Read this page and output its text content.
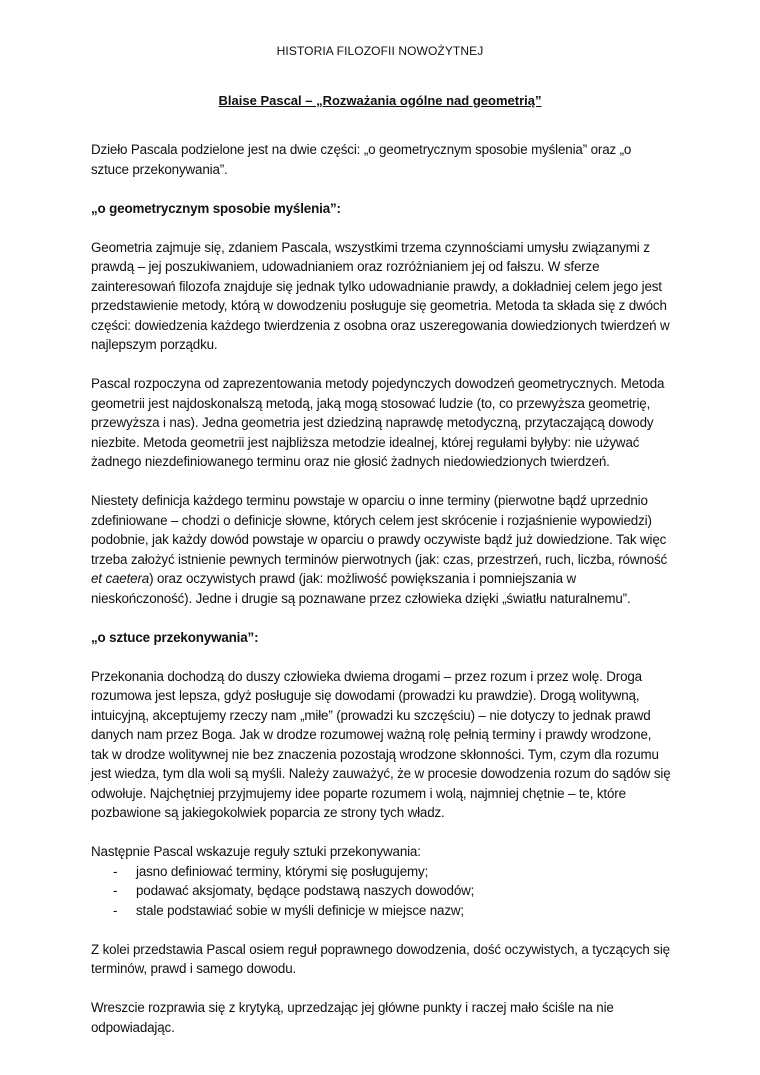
HISTORIA FILOZOFII NOWOŻYTNEJ
Blaise Pascal – „Rozważania ogólne nad geometrią”

Dzieło Pascala podzielone jest na dwie części: „o geometrycznym sposobie myślenia” oraz „o sztuce przekonywania”.

„o geometrycznym sposobie myślenia”:

Geometria zajmuje się, zdaniem Pascala, wszystkimi trzema czynnościami umysłu związanymi z prawdą – jej poszukiwaniem, udowadnianiem oraz rozróżnianiem jej od fałszu. W sferze zainteresowań filozofa znajduje się jednak tylko udowadnianie prawdy, a dokładniej celem jego jest przedstawienie metody, którą w dowodzeniu posługuje się geometria. Metoda ta składa się z dwóch części: dowiedzenia każdego twierdzenia z osobna oraz uszeregowania dowiedzionych twierdzeń w najlepszym porządku.

Pascal rozpoczyna od zaprezentowania metody pojedynczych dowodzeń geometrycznych. Metoda geometrii jest najdoskonalszą metodą, jaką mogą stosować ludzie (to, co przewyższa geometrię, przewyższa i nas). Jedna geometria jest dziedziną naprawdę metodyczną, przytaczającą dowody niezbite. Metoda geometrii jest najbliższa metodzie idealnej, której regułami byłyby: nie używać żadnego niezdefiniowanego terminu oraz nie głosić żadnych niedowiedzionych twierdzeń.

Niestety definicja każdego terminu powstaje w oparciu o inne terminy (pierwotne bądź uprzednio zdefiniowane – chodzi o definicje słowne, których celem jest skrócenie i rozjaśnienie wypowiedzi) podobnie, jak każdy dowód powstaje w oparciu o prawdy oczywiste bądź już dowiedzione. Tak więc trzeba założyć istnienie pewnych terminów pierwotnych (jak: czas, przestrzeń, ruch, liczba, równość et caetera) oraz oczywistych prawd (jak: możliwość powiększania i pomniejszania w nieskończoność). Jedne i drugie są poznawane przez człowieka dzięki „światłu naturalnemu”.

„o sztuce przekonywania”:

Przekonania dochodzą do duszy człowieka dwiema drogami – przez rozum i przez wolę. Droga rozumowa jest lepsza, gdyż posługuje się dowodami (prowadzi ku prawdzie). Drogą wolitywną, intuicyjną, akceptujemy rzeczy nam „miłe” (prowadzi ku szczęściu) – nie dotyczy to jednak prawd danych nam przez Boga. Jak w drodze rozumowej ważną rolę pełnią terminy i prawdy wrodzone, tak w drodze wolitywnej nie bez znaczenia pozostają wrodzone skłonności. Tym, czym dla rozumu jest wiedza, tym dla woli są myśli. Należy zauważyć, że w procesie dowodzenia rozum do sądów się odwołuje. Najchętniej przyjmujemy idee poparte rozumem i wolą, najmniej chętnie – te, które pozbawione są jakiegokolwiek poparcia ze strony tych władz.

Następnie Pascal wskazuje reguły sztuki przekonywania:

- jasno definiować terminy, którymi się posługujemy;
- podawać aksjomaty, będące podstawą naszych dowodów;
- stale podstawiać sobie w myśli definicje w miejsce nazw;

Z kolei przedstawia Pascal osiem reguł poprawnego dowodzenia, dość oczywistych, a tyczących się terminów, prawd i samego dowodu.

Wreszcie rozprawia się z krytyką, uprzedzając jej główne punkty i raczej mało ściśle na nie odpowiadając.
